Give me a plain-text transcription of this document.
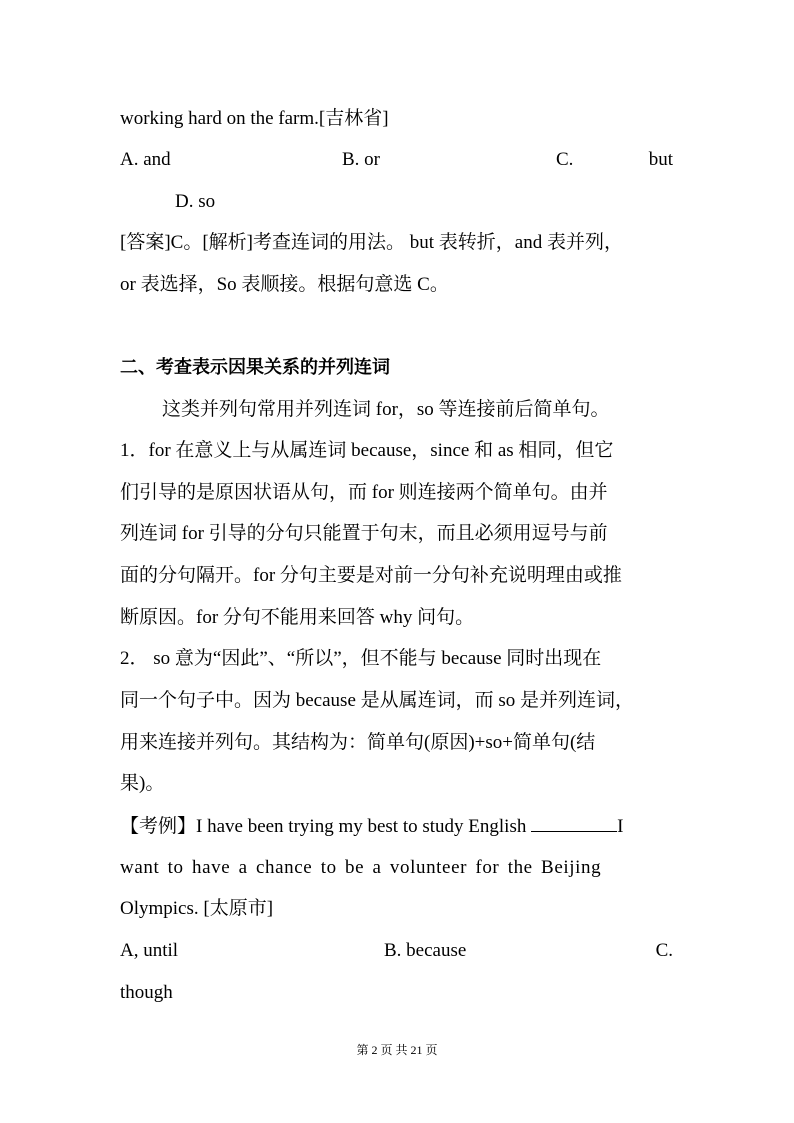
working hard on the farm.[吉林省]
A. and	B. or	C.	but
D. so
[答案]C。[解析]考查连词的用法。 but 表转折，and 表并列，
or 表选择，So 表顺接。根据句意选 C。
二、考查表示因果关系的并列连词
这类并列句常用并列连词 for，so 等连接前后简单句。
1．for 在意义上与从属连词 because，since 和 as 相同，但它
们引导的是原因状语从句，而 for 则连接两个简单句。由并
列连词 for 引导的分句只能置于句末，而且必须用逗号与前
面的分句隔开。for 分句主要是对前一分句补充说明理由或推
断原因。for 分句不能用来回答 why 问句。
2． so 意为“因此”、“所以”，但不能与 because 同时出现在
同一个句子中。因为 because 是从属连词，而 so 是并列连词，
用来连接并列句。其结构为：简单句(原因)+so+简单句(结
果)。
【考例】I have been trying my best to study English	I
want to have a chance to be a volunteer for the Beijing
Olympics. [太原市]
A, until	B. because	C.
though
第 2 页 共 21 页
